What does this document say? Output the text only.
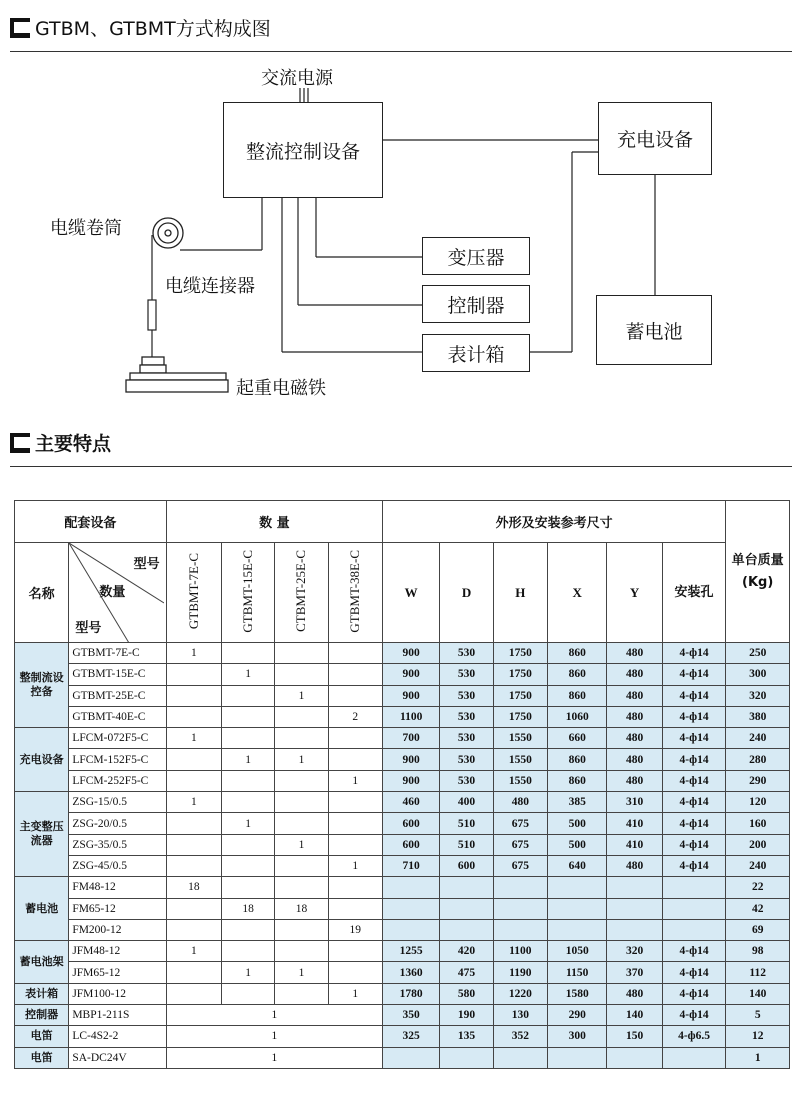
GTBM、GTBMT方式构成图
交流电源
整流控制设备
充电设备
电缆卷筒
电缆连接器
变压器
控制器
表计箱
蓄电池
起重电磁铁
主要特点
配套设备		数 量				外形及安装参考尺寸						单台质量(Kg)
名称	型号
数量
型号	GTBMT-7E-C	GTBMT-15E-C	CTBMT-25E-C	GTBMT-38E-C	W	D	H	X	Y	安装孔	
整制流设控备	GTBMT-7E-C	1				900	530	1750	860	480	4-ф14	250
	GTBMT-15E-C		1			900	530	1750	860	480	4-ф14	300
	GTBMT-25E-C			1		900	530	1750	860	480	4-ф14	320
	GTBMT-40E-C				2	1100	530	1750	1060	480	4-ф14	380
充电设备	LFCM-072F5-C	1				700	530	1550	660	480	4-ф14	240
	LFCM-152F5-C		1	1		900	530	1550	860	480	4-ф14	280
	LFCM-252F5-C				1	900	530	1550	860	480	4-ф14	290
主变整压流器	ZSG-15/0.5	1				460	400	480	385	310	4-ф14	120
	ZSG-20/0.5		1			600	510	675	500	410	4-ф14	160
	ZSG-35/0.5			1		600	510	675	500	410	4-ф14	200
	ZSG-45/0.5				1	710	600	675	640	480	4-ф14	240
蓄电池	FM48-12	18										22
	FM65-12		18	18								42
	FM200-12				19							69
蓄电池架	JFM48-12	1				1255	420	1100	1050	320	4-ф14	98
	JFM65-12		1	1		1360	475	1190	1150	370	4-ф14	112
表计箱	JFM100-12				1	1780	580	1220	1580	480	4-ф14	140
控制器	MBP1-211S	1				350	190	130	290	140	4-ф14	5
电笛	LC-4S2-2	1				325	135	352	300	150	4-ф6.5	12
电笛	SA-DC24V	1										1
